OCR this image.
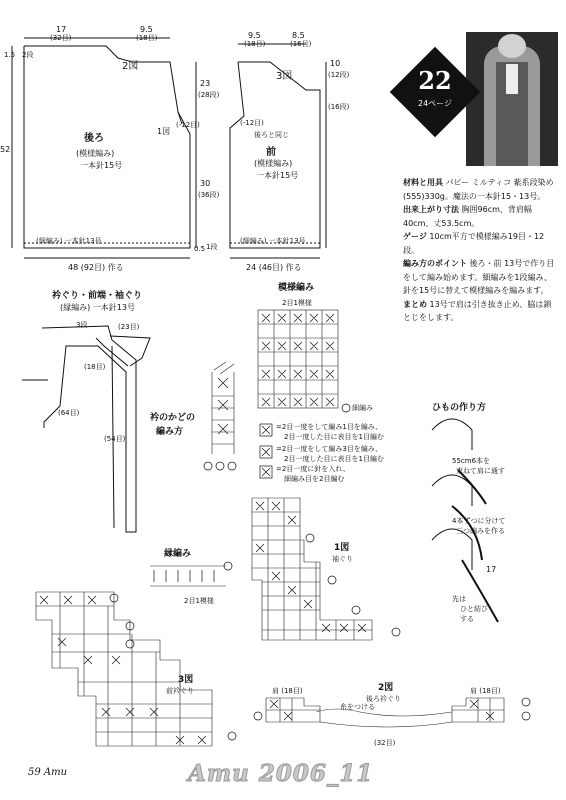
22
24ページ
材料と用具 パピー ミルティコ 紫系段染め(555)330g。魔法の一本針15・13号。
出来上がり寸法 胸囲96cm、背肩幅40cm、丈53.5cm。
ゲージ 10cm平方で模様編み19目・12段。
編み方のポイント 後ろ・前 13号で作り目をして編み始めます。細編みを1段編み、針を15号に替えて模様編みを編みます。
まとめ 13号で肩は引き抜き止め、脇は鎖とじをします。
17
(32目)
9.5
(18目)
1.5 2段
2図
52
23
(28段)
30
(36段)
(-12目)
1図
後ろ
(模様編み)
一本針15号
(細編み) 一本針13号
0.5 1段
48 (92目) 作る
9.5
(18目)
8.5
(16目)
10
(12段)
(16段)
3図
(-12目)
後ろと同じ
前
(模様編み)
一本針15号
(細編み) 一本針13号
24 (46目) 作る
衿ぐり・前端・袖ぐり
(縁編み) 一本針13号
(23目)
(18目)
(64目)
(54目)
3段
衿のかどの
編み方
模様編み
2目1模様
細編み
=2目一度をして編み1目を編み、
2目一度した目に表目を1目編む
=2目一度をして編み3目を編み、
2目一度した目に表目を1目編む
=2目一度に針を入れ、
細編み目を2目編む
縁編み
2目1模様
ひもの作り方
55cm6本を
束ねて肩に通す
4本ずつに分けて
三つ編みを作る
17
先は
ひと結び
する
1図
袖ぐり
3図
前衿ぐり	2図
後ろ衿ぐり
肩 (18目)	肩 (18目)
糸をつける
(32目)
59 Amu	Amu 2006_11
